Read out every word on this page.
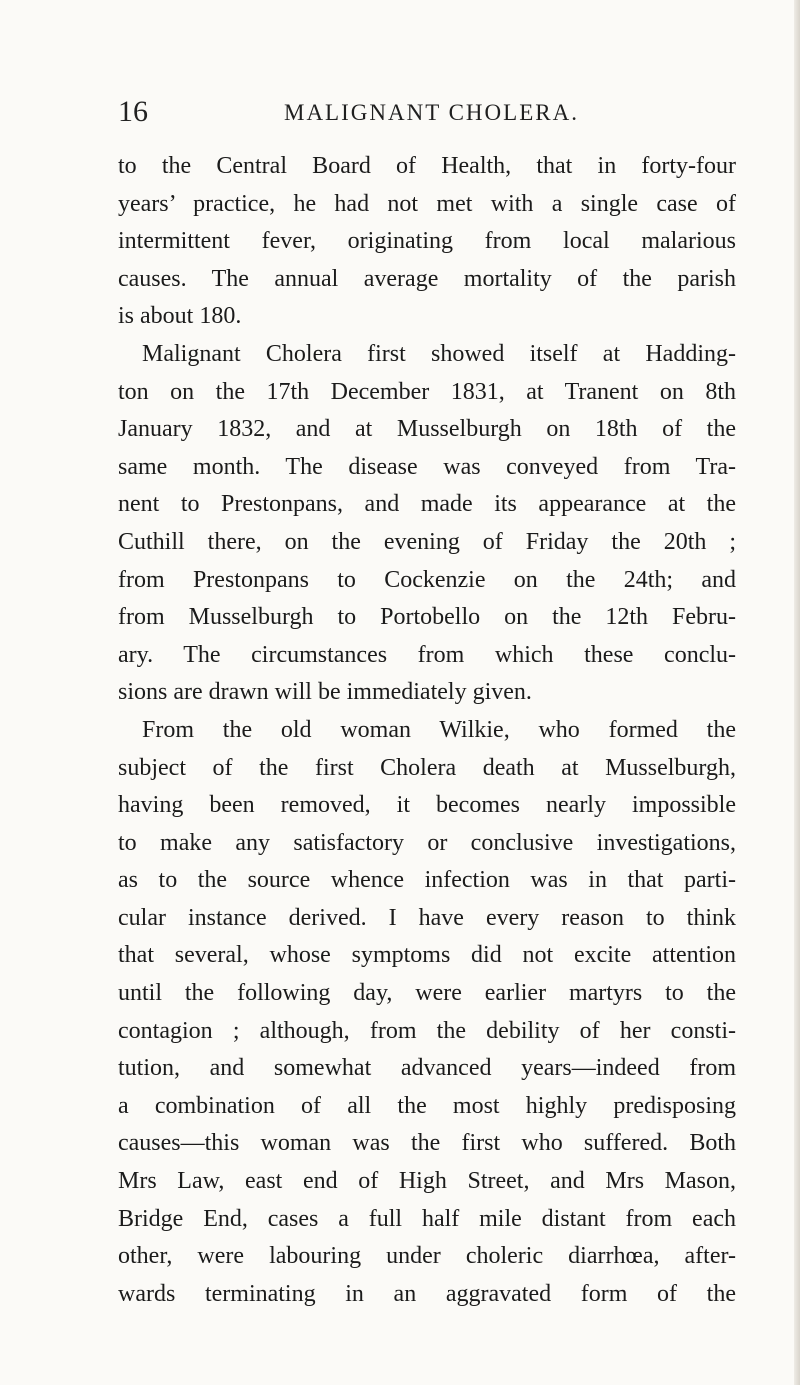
16	MALIGNANT CHOLERA.
to the Central Board of Health, that in forty-four
years’ practice, he had not met with a single case of
intermittent fever, originating from local malarious
causes. The annual average mortality of the parish
is about 180.
Malignant Cholera first showed itself at Hadding-
ton on the 17th December 1831, at Tranent on 8th
January 1832, and at Musselburgh on 18th of the
same month. The disease was conveyed from Tra-
nent to Prestonpans, and made its appearance at the
Cuthill there, on the evening of Friday the 20th ;
from Prestonpans to Cockenzie on the 24th; and
from Musselburgh to Portobello on the 12th Febru-
ary. The circumstances from which these conclu-
sions are drawn will be immediately given.
From the old woman Wilkie, who formed the
subject of the first Cholera death at Musselburgh,
having been removed, it becomes nearly impossible
to make any satisfactory or conclusive investigations,
as to the source whence infection was in that parti-
cular instance derived. I have every reason to think
that several, whose symptoms did not excite attention
until the following day, were earlier martyrs to the
contagion ; although, from the debility of her consti-
tution, and somewhat advanced years—indeed from
a combination of all the most highly predisposing
causes—this woman was the first who suffered. Both
Mrs Law, east end of High Street, and Mrs Mason,
Bridge End, cases a full half mile distant from each
other, were labouring under choleric diarrhœa, after-
wards terminating in an aggravated form of the
